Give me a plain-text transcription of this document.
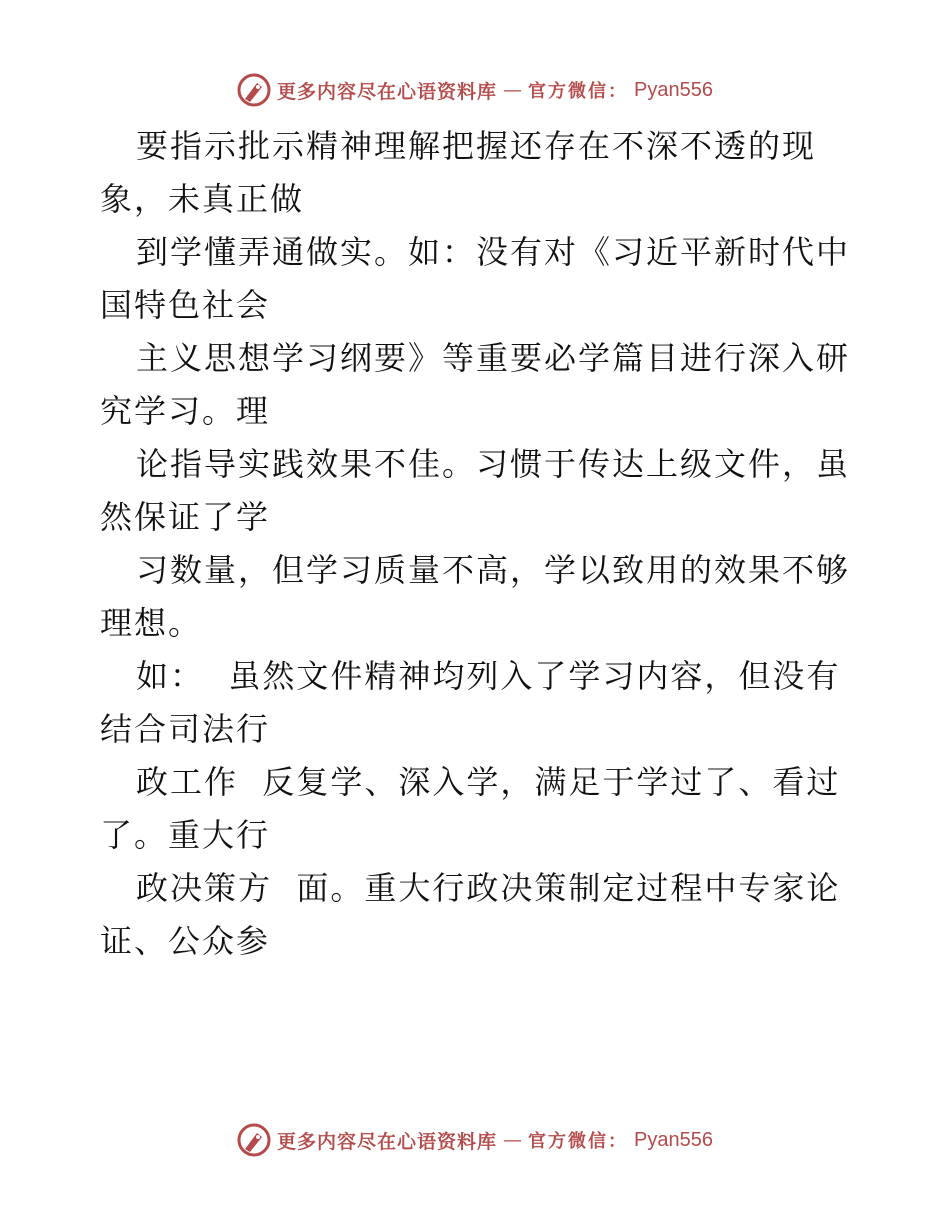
更多内容尽在心语资料库 — 官方微信： Pyan556

要指示批示精神理解把握还存在不深不透的现象，未真正做

到学懂弄通做实。如：没有对《习近平新时代中国特色社会

主义思想学习纲要》等重要必学篇目进行深入研究学习。理

论指导实践效果不佳。习惯于传达上级文件，虽然保证了学

习数量，但学习质量不高，学以致用的效果不够理想。

如：  虽然文件精神均列入了学习内容，但没有结合司法行

政工作  反复学、深入学，满足于学过了、看过了。重大行

政决策方  面。重大行政决策制定过程中专家论证、公众参

更多内容尽在心语资料库 — 官方微信： Pyan556
